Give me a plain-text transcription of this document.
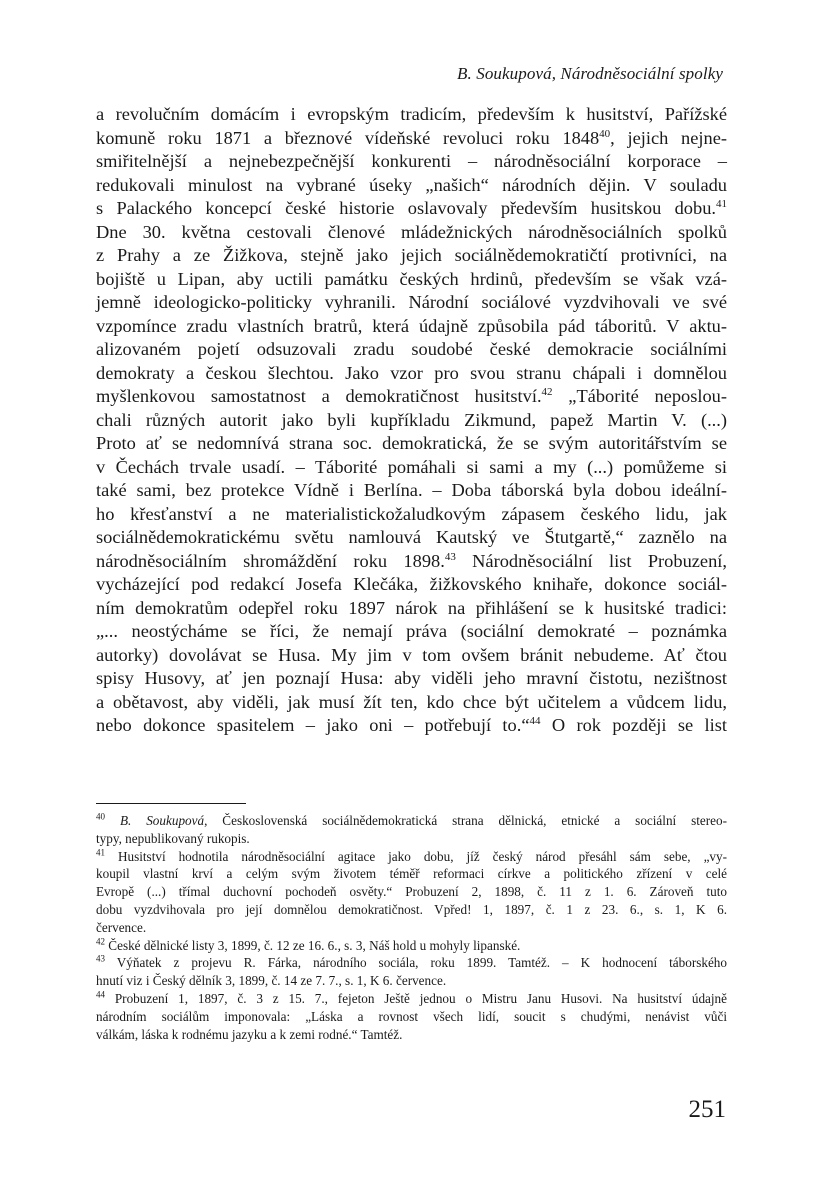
B. Soukupová, Národněsociální spolky
a revolučním domácím i evropským tradicím, především k husitství, Pařížské
komuně roku 1871 a březnové vídeňské revoluci roku 1848$^{40}$, jejich nejne-
smiřitelnější a nejnebezpečnější konkurenti – národněsociální korporace –
redukovali minulost na vybrané úseky „našich“ národních dějin. V souladu
s Palackého koncepcí české historie oslavovaly především husitskou dobu.$^{41}$
Dne 30. května cestovali členové mládežnických národněsociálních spolků
z Prahy a ze Žižkova, stejně jako jejich sociálnědemokratičtí protivníci, na
bojiště u Lipan, aby uctili památku českých hrdinů, především se však vzá-
jemně ideologicko-politicky vyhranili. Národní sociálové vyzdvihovali ve své
vzpomínce zradu vlastních bratrů, která údajně způsobila pád táboritů. V aktu-
alizovaném pojetí odsuzovali zradu soudobé české demokracie sociálními
demokraty a českou šlechtou. Jako vzor pro svou stranu chápali i domnělou
myšlenkovou samostatnost a demokratičnost husitství.$^{42}$ „Táborité neposlou-
chali různých autorit jako byli kupříkladu Zikmund, papež Martin V. (...)
Proto ať se nedomnívá strana soc. demokratická, že se svým autoritářstvím se
v Čechách trvale usadí. – Táborité pomáhali si sami a my (...) pomůžeme si
také sami, bez protekce Vídně i Berlína. – Doba táborská byla dobou ideální-
ho křesťanství a ne materialistickožaludkovým zápasem českého lidu, jak
sociálnědemokratickému světu namlouvá Kautský ve Štutgartě,“ zaznělo na
národněsociálním shromáždění roku 1898.43 Národněsociální list Probuzení,
vycházející pod redakcí Josefa Klečáka, žižkovského knihaře, dokonce sociál-
ním demokratům odepřel roku 1897 nárok na přihlášení se k husitské tradici:
„... neostýcháme se říci, že nemají práva (sociální demokraté – poznámka
autorky) dovolávat se Husa. My jim v tom ovšem bránit nebudeme. Ať čtou
spisy Husovy, ať jen poznají Husa: aby viděli jeho mravní čistotu, nezištnost
a obětavost, aby viděli, jak musí žít ten, kdo chce být učitelem a vůdcem lidu,
nebo dokonce spasitelem – jako oni – potřebují to.“$^{44}$ O rok později se list
$^{40}$ B. Soukupová, Československá sociálnědemokratická strana dělnická, etnické a sociální stereo-
typy, nepublikovaný rukopis.
$^{41}$ Husitství hodnotila národněsociální agitace jako dobu, jíž český národ přesáhl sám sebe, „vy-
koupil vlastní krví a celým svým životem téměř reformaci církve a politického zřízení v celé
Evropě (...) třímal duchovní pochodeň osvěty.“ Probuzení 2, 1898, č. 11 z 1. 6. Zároveň tuto
dobu vyzdvihovala pro její domnělou demokratičnost. Vpřed! 1, 1897, č. 1 z 23. 6., s. 1, K 6.
července.
$^{42}$ České dělnické listy 3, 1899, č. 12 ze 16. 6., s. 3, Náš hold u mohyly lipanské.
$^{43}$ Výňatek z projevu R. Fárka, národního sociála, roku 1899. Tamtéž. – K hodnocení táborského
hnutí viz i Český dělník 3, 1899, č. 14 ze 7. 7., s. 1, K 6. července.
$^{44}$ Probuzení 1, 1897, č. 3 z 15. 7., fejeton Ještě jednou o Mistru Janu Husovi. Na husitství údajně
národním sociálům imponovala: „Láska a rovnost všech lidí, soucit s chudými, nenávist vůči
válkám, láska k rodnému jazyku a k zemi rodné.“ Tamtéž.
251
